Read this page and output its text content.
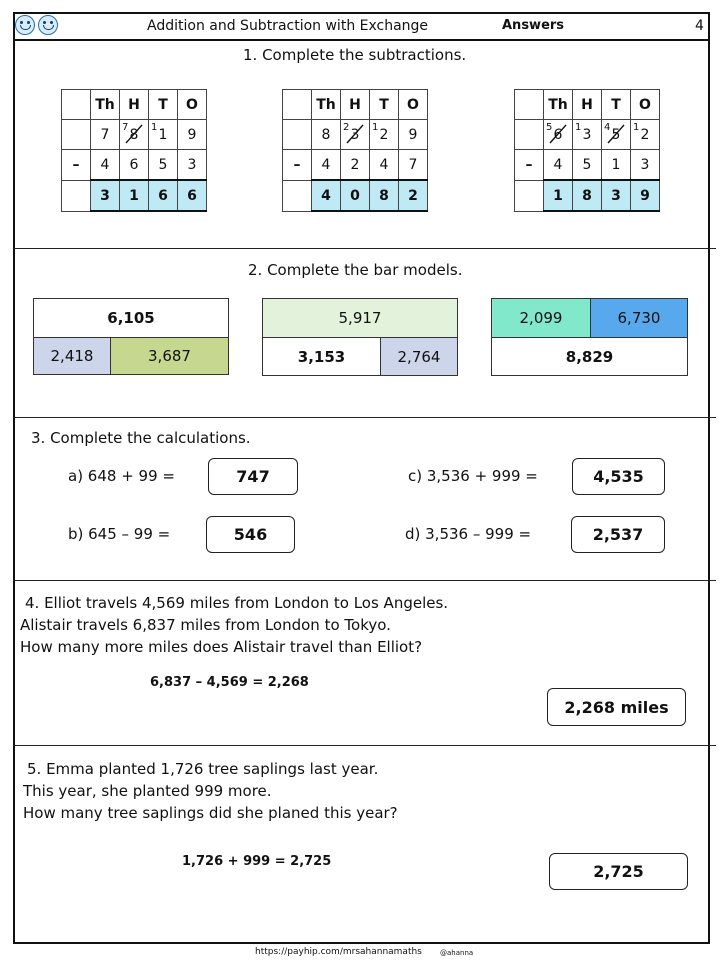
Addition and Subtraction with Exchange	Answers	4
1. Complete the subtractions.
	Th	H	T	O
	7	7 8	1 1	9
–	4	6	5	3
	3	1	6	6
	Th	H	T	O
	8	2 3	1 2	9
–	4	2	4	7
	4	0	8	2
	Th	H	T	O

	5 6	1 3	4 5	1 2
–	4	5	1	3
	1	8	3	9
2. Complete the bar models.
6,105
2,418	3,687
5,917
3,153	2,764
2,099	6,730
8,829
3. Complete the calculations.
a) 648 + 99 =	747
b) 645 – 99 =	546
c) 3,536 + 999 =	4,535
d) 3,536 – 999 =	2,537
4. Elliot travels 4,569 miles from London to Los Angeles.
Alistair travels 6,837 miles from London to Tokyo.
How many more miles does Alistair travel than Elliot?
6,837 – 4,569 = 2,268
2,268 miles
5. Emma planted 1,726 tree saplings last year.
This year, she planted 999 more.
How many tree saplings did she planed this year?
1,726 + 999 = 2,725
2,725
https://payhip.com/mrsahannamaths	@ahanna
